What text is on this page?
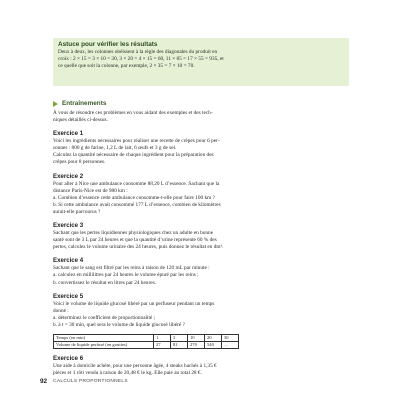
Astuce pour vérifier les résultats
Deux à deux, les colonnes obéissent à la règle des diagonales du produit en
croix : 2 × 15 = 3 × 10 = 30, 3 × 20 = 4 × 15 = 60, 11 × 85 = 17 × 55 = 935, et
ce quelle que soit la colonne, par exemple, 2 × 35 = 7 × 10 = 70.
Entraînements
À vous de résoudre ces problèmes en vous aidant des exemples et des tech-
niques détaillés ci-dessus.
Exercice 1
Voici les ingrédients nécessaires pour réaliser une recette de crêpes pour 6 per-
sonnes : 800 g de farine, 1,2 L de lait, 6 œufs et 3 g de sel.
Calculez la quantité nécessaire de chaque ingrédient pour la préparation des
crêpes pour 8 personnes.
Exercice 2
Pour aller à Nice une ambulance consomme 88,20 L d’essence. Sachant que la
distance Paris-Nice est de 980 km :
a. Combien d’essence cette ambulance consomme-t-elle pour faire 100 km ?
b. Si cette ambulance avait consommé 177 L d’essence, combien de kilomètres
aurait-elle parcourus ?
Exercice 3
Sachant que les pertes liquidiennes physiologiques chez un adulte en bonne
santé sont de 3 L par 24 heures et que la quantité d’urine représente 60 % des
pertes, calculez le volume urinaire des 24 heures, puis donnez le résultat en dm³.
Exercice 4
Sachant que le sang est filtré par les reins à raison de 120 mL par minute :
a. calculez en millilitres par 24 heures le volume épuré par les reins ;
b. convertissez le résultat en litres par 24 heures.
Exercice 5
Voici le volume de liquide glucosé libéré par un perfuseur pendant un temps
donné :
a. déterminez le coefficient de proportionnalité ;
b. à t = 30 min, quel sera le volume de liquide glucosé libéré ?
Temps (en min)	1	3	10	20	30
Volume de liquide perfusé (en gouttes)	27	81	270	540	…
Exercice 6
Une aide à domicile achète, pour une personne âgée, 4 steaks hachés à 1,35 €
pièces et 1 rôti vendu à raison de 20,48 € le kg. Elle paie au total 28 €.
92 CALCULS PROPORTIONNELS
